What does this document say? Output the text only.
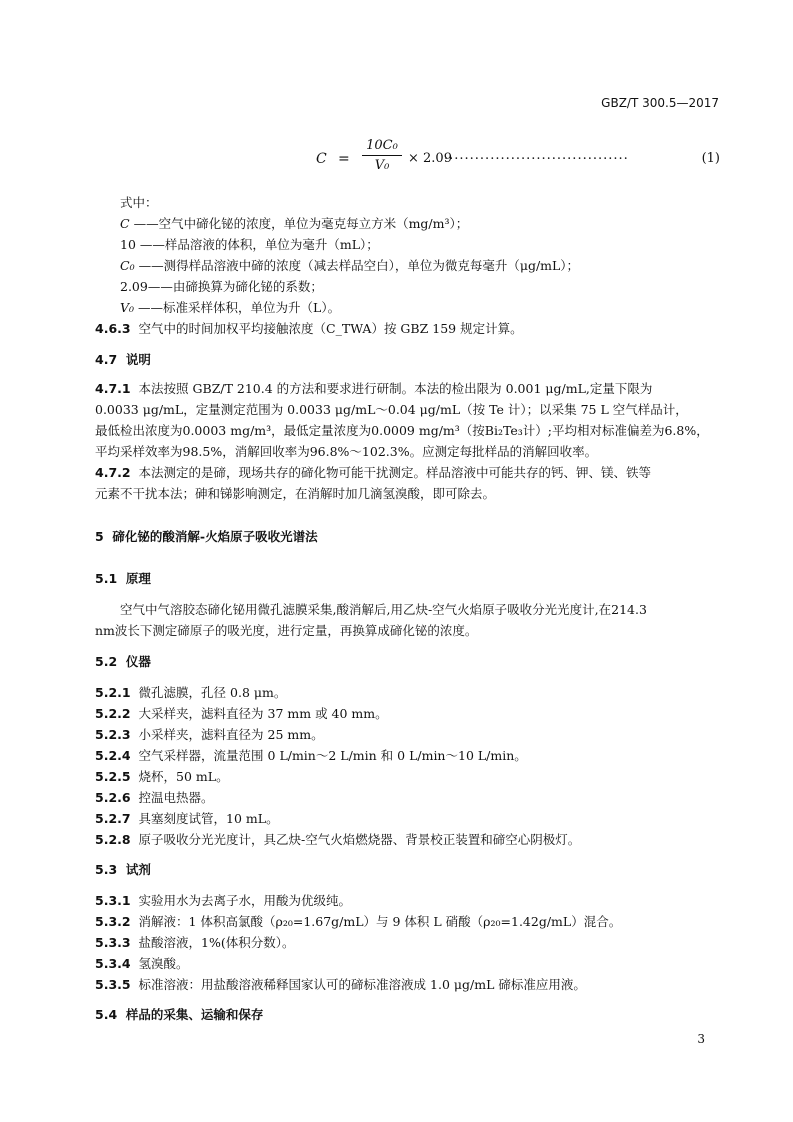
GBZ/T 300.5—2017
$C = \frac{\text{10C₀}}{\text{V₀}} \times 2.09$
....................................	(1)
式中：
C ——空气中碲化铋的浓度，单位为毫克每立方米（mg/m³）；
10 ——样品溶液的体积，单位为毫升（mL）；
C₀ ——测得样品溶液中碲的浓度（减去样品空白），单位为微克每毫升（μg/mL）；
2.09——由碲换算为碲化铋的系数；
V₀ ——标准采样体积，单位为升（L）。
4.6.3 空气中的时间加权平均接触浓度（C_TWA）按 GBZ 159 规定计算。
4.7 说明
4.7.1 本法按照 GBZ/T 210.4 的方法和要求进行研制。本法的检出限为 0.001 μg/mL,定量下限为
0.0033 μg/mL，定量测定范围为 0.0033 μg/mL～0.04 μg/mL（按 Te 计）；以采集 75 L 空气样品计，
最低检出浓度为0.0003 mg/m³，最低定量浓度为0.0009 mg/m³（按Bi₂Te₃计）;平均相对标准偏差为6.8%，
平均采样效率为98.5%，消解回收率为96.8%～102.3%。应测定每批样品的消解回收率。
4.7.2 本法测定的是碲，现场共存的碲化物可能干扰测定。样品溶液中可能共存的钙、钾、镁、铁等
元素不干扰本法；砷和锑影响测定，在消解时加几滴氢溴酸，即可除去。
5 碲化铋的酸消解-火焰原子吸收光谱法
5.1 原理
空气中气溶胶态碲化铋用微孔滤膜采集,酸消解后,用乙炔-空气火焰原子吸收分光光度计,在214.3
nm波长下测定碲原子的吸光度，进行定量，再换算成碲化铋的浓度。
5.2 仪器
5.2.1 微孔滤膜，孔径 0.8 μm。
5.2.2 大采样夹，滤料直径为 37 mm 或 40 mm。
5.2.3 小采样夹，滤料直径为 25 mm。
5.2.4 空气采样器，流量范围 0 L/min～2 L/min 和 0 L/min～10 L/min。
5.2.5 烧杯，50 mL。
5.2.6 控温电热器。
5.2.7 具塞刻度试管，10 mL。
5.2.8 原子吸收分光光度计，具乙炔-空气火焰燃烧器、背景校正装置和碲空心阴极灯。
5.3 试剂
5.3.1 实验用水为去离子水，用酸为优级纯。
5.3.2 消解液：1 体积高氯酸（ρ₂₀=1.67g/mL）与 9 体积 L 硝酸（ρ₂₀=1.42g/mL）混合。
5.3.3 盐酸溶液，1%(体积分数）。
5.3.4 氢溴酸。
5.3.5 标准溶液：用盐酸溶液稀释国家认可的碲标准溶液成 1.0 μg/mL 碲标准应用液。
5.4 样品的采集、运输和保存
3
